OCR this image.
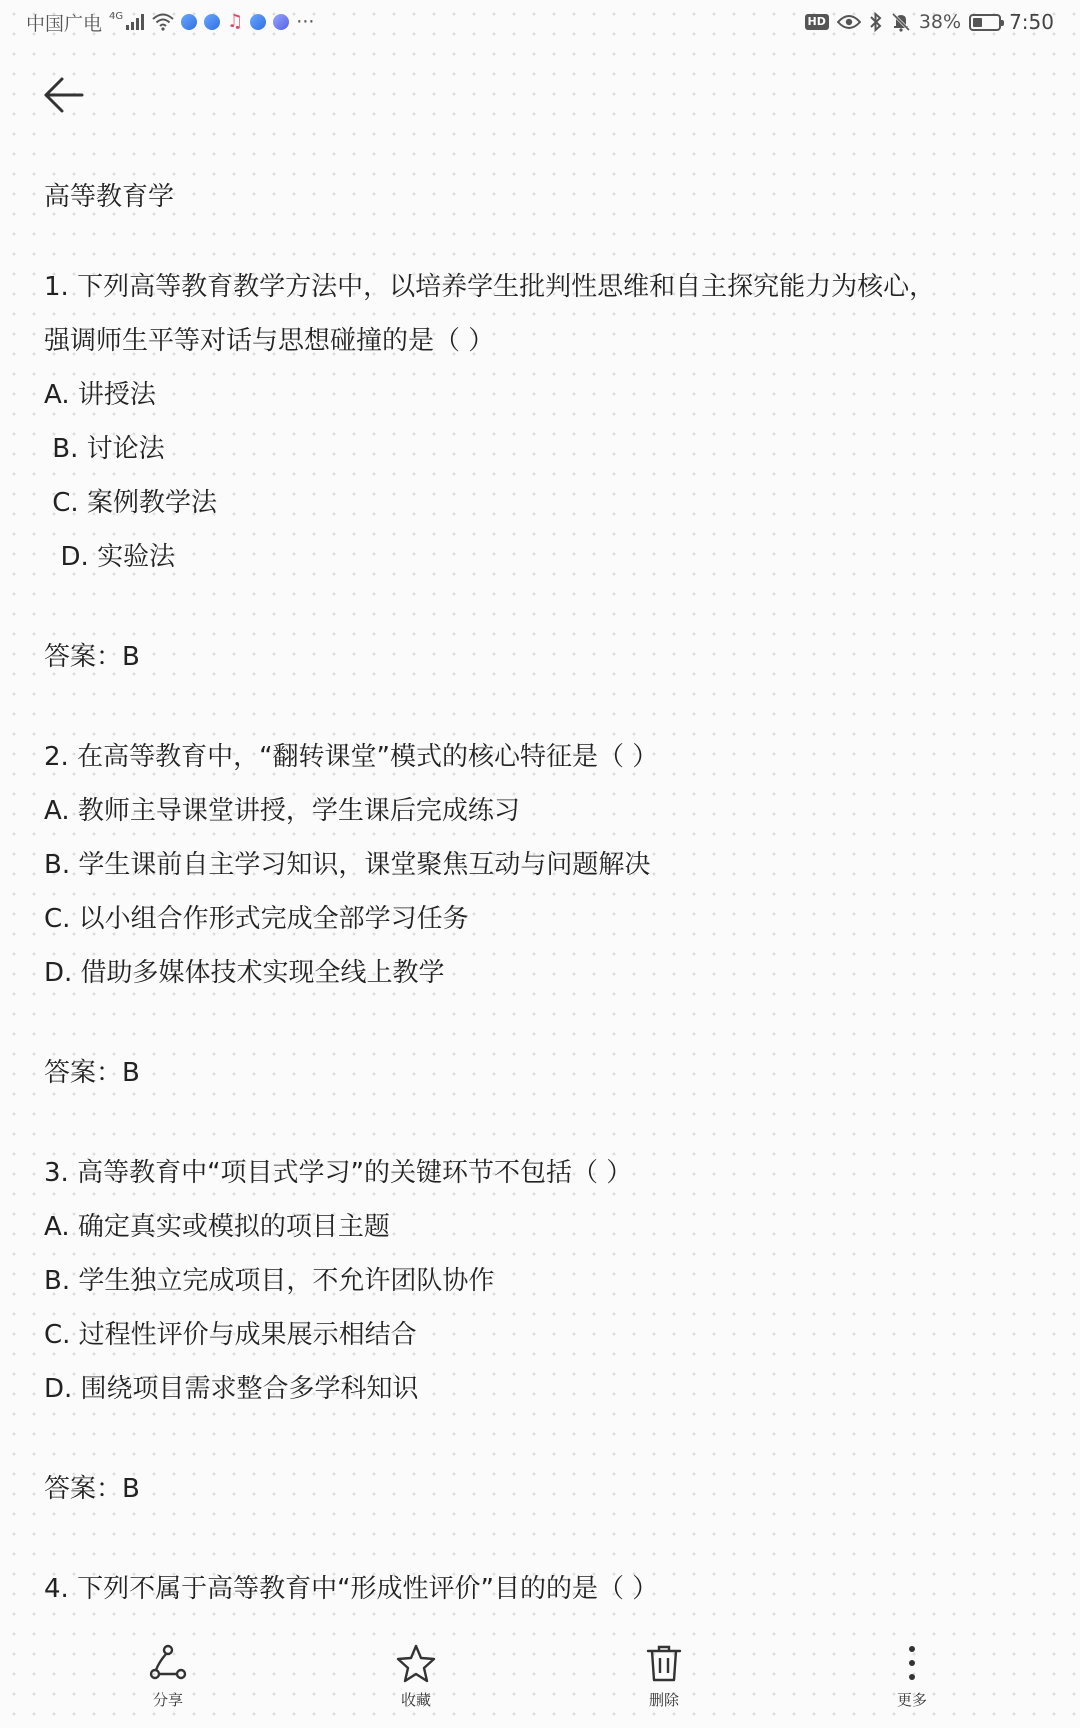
中国广电 4G	♫	···	HD	38% 7:50
高等教育学
1. 下列高等教育教学方法中，以培养学生批判性思维和自主探究能力为核心，
强调师生平等对话与思想碰撞的是（ ）
A. 讲授法
B. 讨论法
C. 案例教学法
D. 实验法
答案：B
2. 在高等教育中，“翻转课堂”模式的核心特征是（ ）
A. 教师主导课堂讲授，学生课后完成练习
B. 学生课前自主学习知识，课堂聚焦互动与问题解决
C. 以小组合作形式完成全部学习任务
D. 借助多媒体技术实现全线上教学
答案：B
3. 高等教育中“项目式学习”的关键环节不包括（ ）
A. 确定真实或模拟的项目主题
B. 学生独立完成项目，不允许团队协作
C. 过程性评价与成果展示相结合
D. 围绕项目需求整合多学科知识
答案：B
4. 下列不属于高等教育中“形成性评价”目的的是（ ）
分享	收藏	删除	更多
